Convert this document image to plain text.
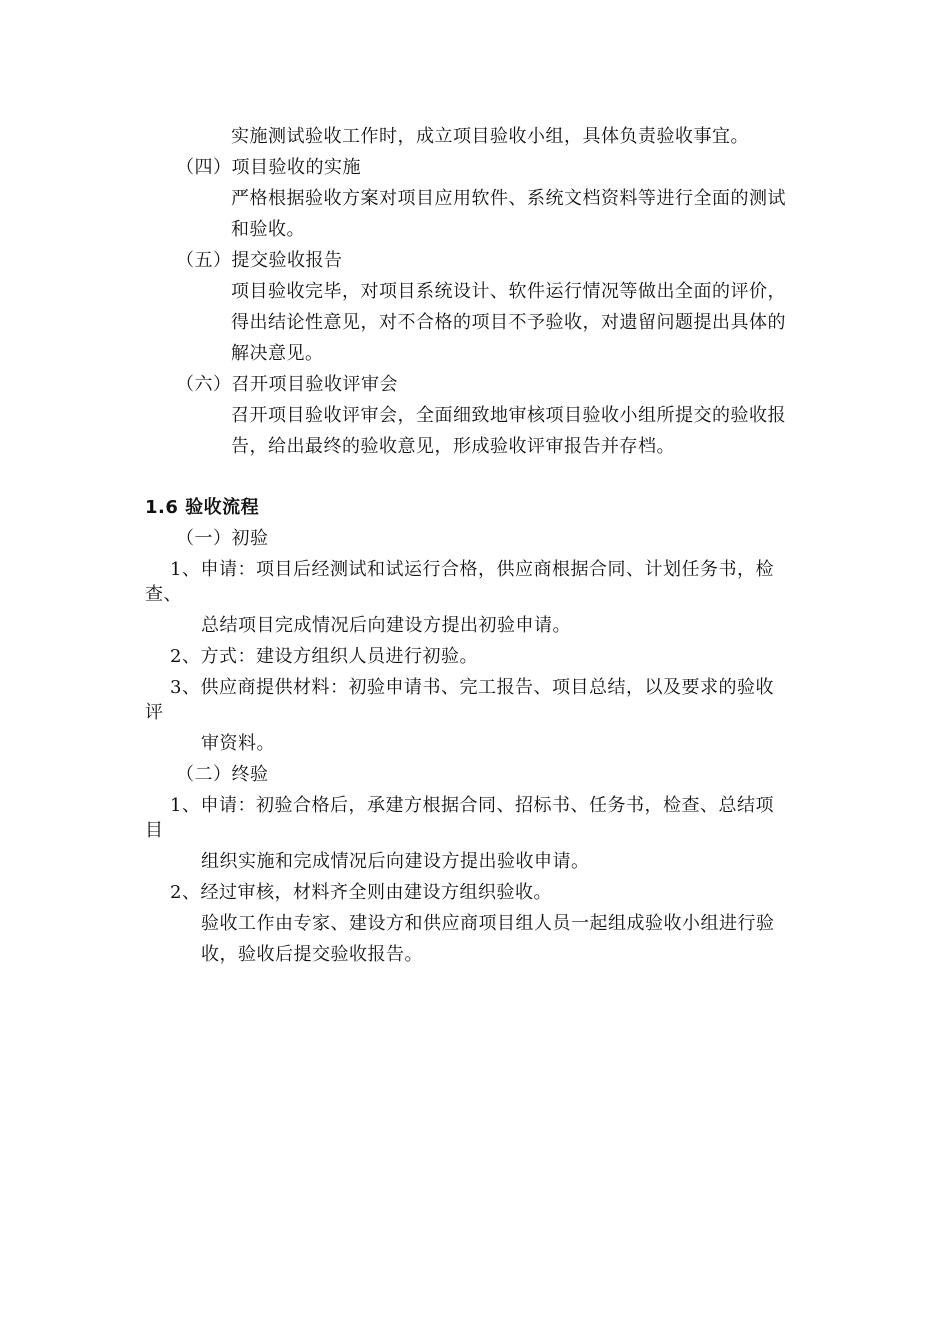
实施测试验收工作时，成立项目验收小组，具体负责验收事宜。
（四）项目验收的实施
严格根据验收方案对项目应用软件、系统文档资料等进行全面的测试
和验收。
（五）提交验收报告
项目验收完毕，对项目系统设计、软件运行情况等做出全面的评价，
得出结论性意见，对不合格的项目不予验收，对遗留问题提出具体的
解决意见。
（六）召开项目验收评审会
召开项目验收评审会，全面细致地审核项目验收小组所提交的验收报
告，给出最终的验收意见，形成验收评审报告并存档。
1.6 验收流程
（一）初验
1、申请：项目后经测试和试运行合格，供应商根据合同、计划任务书，检
查、
总结项目完成情况后向建设方提出初验申请。
2、方式：建设方组织人员进行初验。
3、供应商提供材料：初验申请书、完工报告、项目总结，以及要求的验收
评
审资料。
（二）终验
1、申请：初验合格后，承建方根据合同、招标书、任务书，检查、总结项
目
组织实施和完成情况后向建设方提出验收申请。
2、经过审核，材料齐全则由建设方组织验收。
验收工作由专家、建设方和供应商项目组人员一起组成验收小组进行验
收，验收后提交验收报告。
